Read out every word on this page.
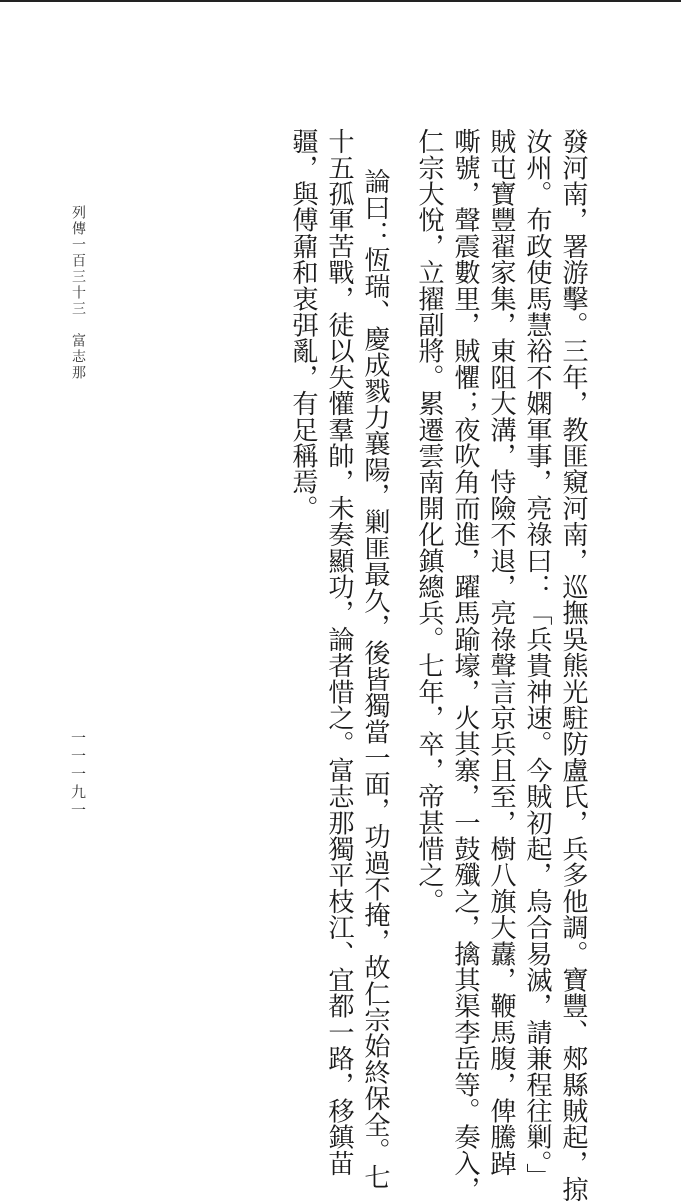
發河南，署游擊。三年，教匪窺河南，巡撫吳熊光駐防盧氏，兵多他調。寶豐、郟縣賊起，掠
汝州。布政使馬慧裕不嫻軍事，亮祿曰：「兵貴神速。今賊初起，烏合易滅，請兼程往剿。」
賊屯寶豐翟家集，東阻大溝，恃險不退，亮祿聲言京兵且至，樹八旗大纛，鞭馬腹，俾騰踔
嘶號，聲震數里，賊懼；夜吹角而進，躍馬踰壕，火其寨，一鼓殲之，擒其渠李岳等。奏入，
仁宗大悅，立擢副將。累遷雲南開化鎮總兵。七年，卒，帝甚惜之。
論曰：恆瑞、慶成戮力襄陽，剿匪最久，後皆獨當一面，功過不掩，故仁宗始終保全。七
十五孤軍苦戰，徒以失懽羣帥，未奏顯功，論者惜之。富志那獨平枝江、宜都一路，移鎮苗
疆，與傅鼐和衷弭亂，有足稱焉。
列傳一百三十三　富志那
一一一九一
